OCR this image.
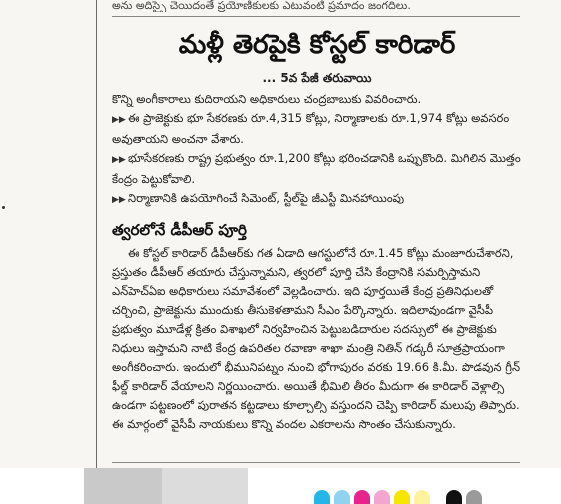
అను అదిస్పై చెయిదంతే ప్రయోణికులకు ఎటువంటి ప్రమాదం జంగదిలు.
మళ్లీ తెరపైకి కోస్టల్ కారిడార్
... 5వ పేజీ తరువాయి

కొన్ని అంగీకారాలు కుదిరాయని అధికారులు చంద్రబాబుకు వివరించారు.

▶▶ ఈ ప్రాజెక్టుకు భూ సేకరణకు రూ.4,315 కోట్లు, నిర్మాణాలకు రూ.1,974 కోట్లు అవసరం అవుతాయని అంచనా వేశారు.

▶▶ భూసేకరణకు రాష్ట్ర ప్రభుత్వం రూ.1,200 కోట్లు భరించడానికి ఒప్పుకొంది. మిగిలిన మొత్తం కేంద్రం పెట్టుకోవాలి.

▶▶ నిర్మాణానికి ఉపయోగించే సిమెంట్, స్టీల్‌పై జీఎస్టీ మినహాయింపు

త్వరలోనే డీపీఆర్ పూర్తి
ఈ కోస్టల్ కారిడార్ డీపీఆర్‌కు గత ఏడాది ఆగస్టులోనే రూ.1.45 కోట్లు మంజూరుచేశారని, ప్రస్తుతం డీపీఆర్ తయారు చేస్తున్నామని, త్వరలో పూర్తి చేసి కేంద్రానికి సమర్పిస్తామని ఎన్‌హెచ్ఏఐ అధికారులు సమావేశంలో వెల్లడించారు. ఇది పూర్తయితే కేంద్ర ప్రతినిధులతో చర్చించి, ప్రాజెక్టును ముందుకు తీసుకెళతామని సీఎం పేర్కొన్నారు. ఇదిలావుండగా వైసీపీ ప్రభుత్వం మూడేళ్ల క్రితం విశాఖలో నిర్వహించిన పెట్టుబడిదారుల సదస్సులో ఈ ప్రాజెక్టుకు నిధులు ఇస్తామని నాటి కేంద్ర ఉపరితల రవాణా శాఖా మంత్రి నితిన్ గడ్కరీ సూత్రప్రాయంగా అంగీకరించారు. ఇందులో భీమునిపట్నం నుంచి భోగాపురం వరకు 19.66 కి.మీ. పొడవున గ్రీన్ ఫీల్డ్ కారిడార్ వేయాలని నిర్ణయించారు. అయితే భీమిలి తీరం మీదుగా ఈ కారిడార్ వెళ్లాల్సి ఉండగా పట్టణంలో పురాతన కట్టడాలు కూల్చాల్సి వస్తుందని చెప్పి కారిడార్ మలుపు తిప్పారు. ఈ మార్గంలో వైసీపీ నాయకులు కొన్ని వందల ఎకరాలను సొంతం చేసుకున్నారు.
